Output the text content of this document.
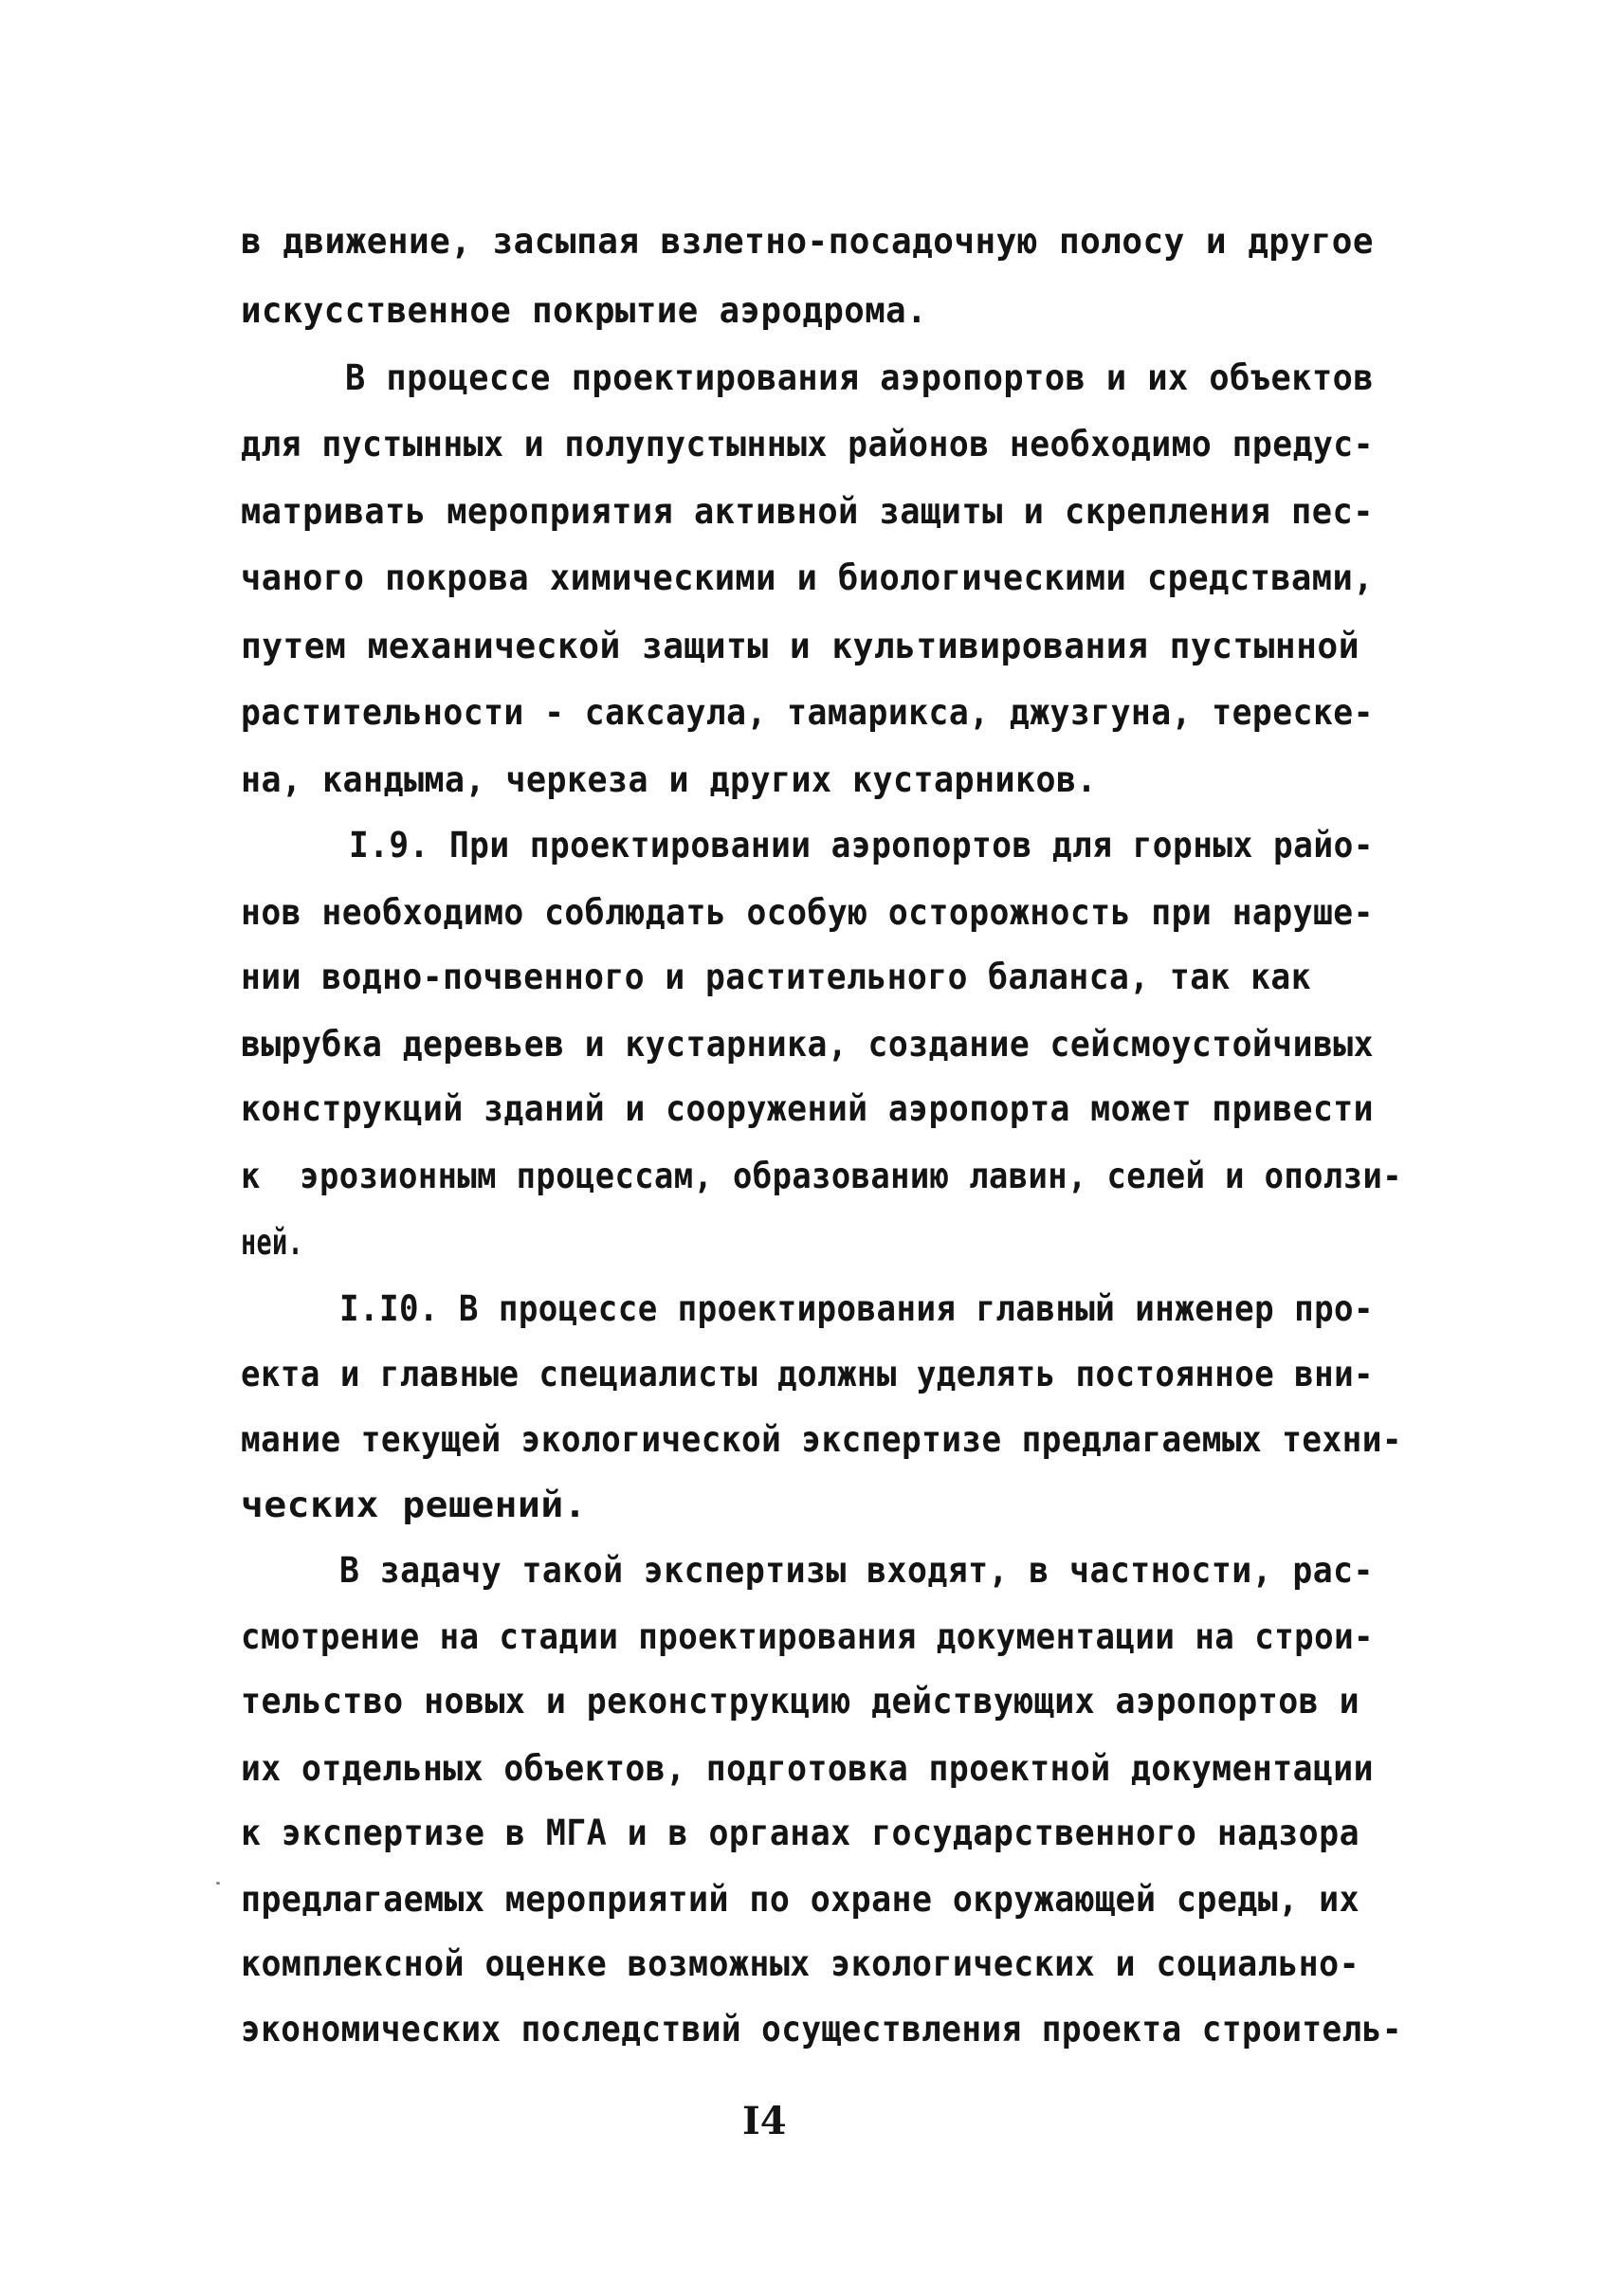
в движение, засыпая взлетно-посадочную полосу и другое
искусственное покрытие аэродрома.
В процессе проектирования аэропортов и их объектов
для пустынных и полупустынных районов необходимо предус-
матривать мероприятия активной защиты и скрепления пес-
чаного покрова химическими и биологическими средствами,
путем механической защиты и культивирования пустынной
растительности - саксаула, тамарикса, джузгуна, тереске-
на, кандыма, черкеза и других кустарников.
I.9. При проектировании аэропортов для горных райо-
нов необходимо соблюдать особую осторожность при наруше-
нии водно-почвенного и растительного баланса, так как
вырубка деревьев и кустарника, создание сейсмоустойчивых
конструкций зданий и сооружений аэропорта может привести
к  эрозионным процессам, образованию лавин, селей и оползи-
ней.
I.I0. В процессе проектирования главный инженер про-
екта и главные специалисты должны уделять постоянное вни-
мание текущей экологической экспертизе предлагаемых техни-
ческих решений.
В задачу такой экспертизы входят, в частности, рас-
смотрение на стадии проектирования документации на строи-
тельство новых и реконструкцию действующих аэропортов и
их отдельных объектов, подготовка проектной документации
к экспертизе в МГА и в органах государственного надзора
предлагаемых мероприятий по охране окружающей среды, их
комплексной оценке возможных экологических и социально-
экономических последствий осуществления проекта строитель-
I4
